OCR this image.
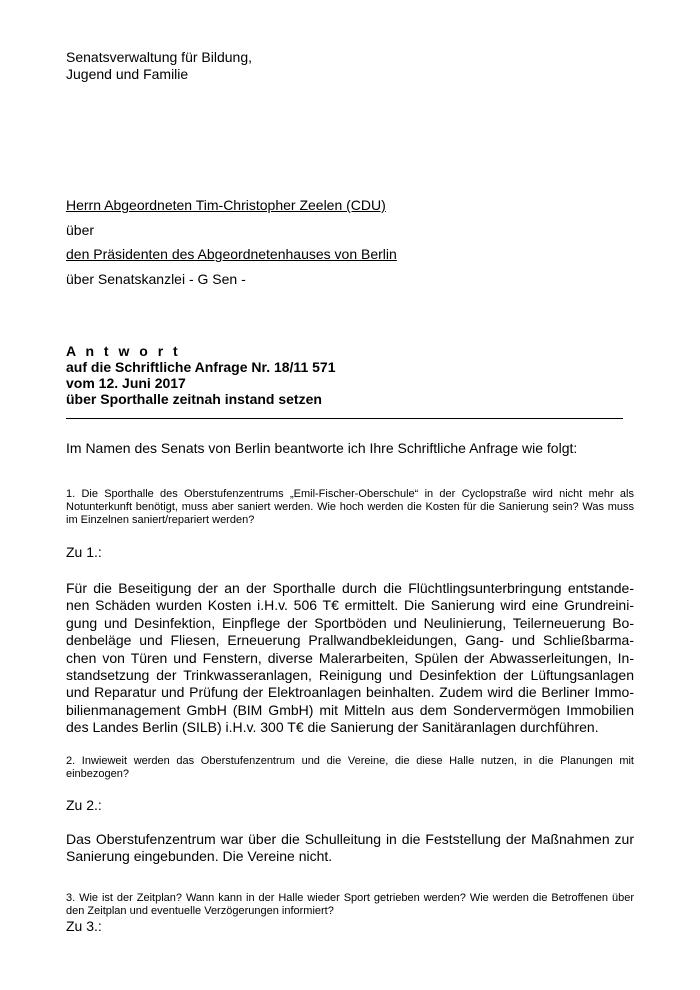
Senatsverwaltung für Bildung,
Jugend und Familie
Herrn Abgeordneten Tim-Christopher Zeelen (CDU)
über
den Präsidenten des Abgeordnetenhauses von Berlin
über Senatskanzlei - G Sen -
A n t w o r t
auf die Schriftliche Anfrage Nr. 18/11 571
vom 12. Juni 2017
über Sporthalle zeitnah instand setzen
Im Namen des Senats von Berlin beantworte ich Ihre Schriftliche Anfrage wie folgt:
1. Die Sporthalle des Oberstufenzentrums „Emil-Fischer-Oberschule“ in der Cyclopstraße wird nicht mehr als Notunterkunft benötigt, muss aber saniert werden. Wie hoch werden die Kosten für die Sanierung sein? Was muss im Einzelnen saniert/repariert werden?
Zu 1.:
Für die Beseitigung der an der Sporthalle durch die Flüchtlingsunterbringung entstande-
nen Schäden wurden Kosten i.H.v. 506 T€ ermittelt. Die Sanierung wird eine Grundreini-
gung und Desinfektion, Einpflege der Sportböden und Neulinierung, Teilerneuerung Bo-
denbeläge und Fliesen, Erneuerung Prallwandbekleidungen, Gang- und Schließbarma-
chen von Türen und Fenstern, diverse Malerarbeiten, Spülen der Abwasserleitungen, In-
standsetzung der Trinkwasseranlagen, Reinigung und Desinfektion der Lüftungsanlagen
und Reparatur und Prüfung der Elektroanlagen beinhalten. Zudem wird die Berliner Immo-
bilienmanagement GmbH (BIM GmbH) mit Mitteln aus dem Sondervermögen Immobilien
des Landes Berlin (SILB) i.H.v. 300 T€ die Sanierung der Sanitäranlagen durchführen.
2. Inwieweit werden das Oberstufenzentrum und die Vereine, die diese Halle nutzen, in die Planungen mit einbezogen?
Zu 2.:
Das Oberstufenzentrum war über die Schulleitung in die Feststellung der Maßnahmen zur
Sanierung eingebunden. Die Vereine nicht.
3. Wie ist der Zeitplan? Wann kann in der Halle wieder Sport getrieben werden? Wie werden die Betroffenen über den Zeitplan und eventuelle Verzögerungen informiert?
Zu 3.:
